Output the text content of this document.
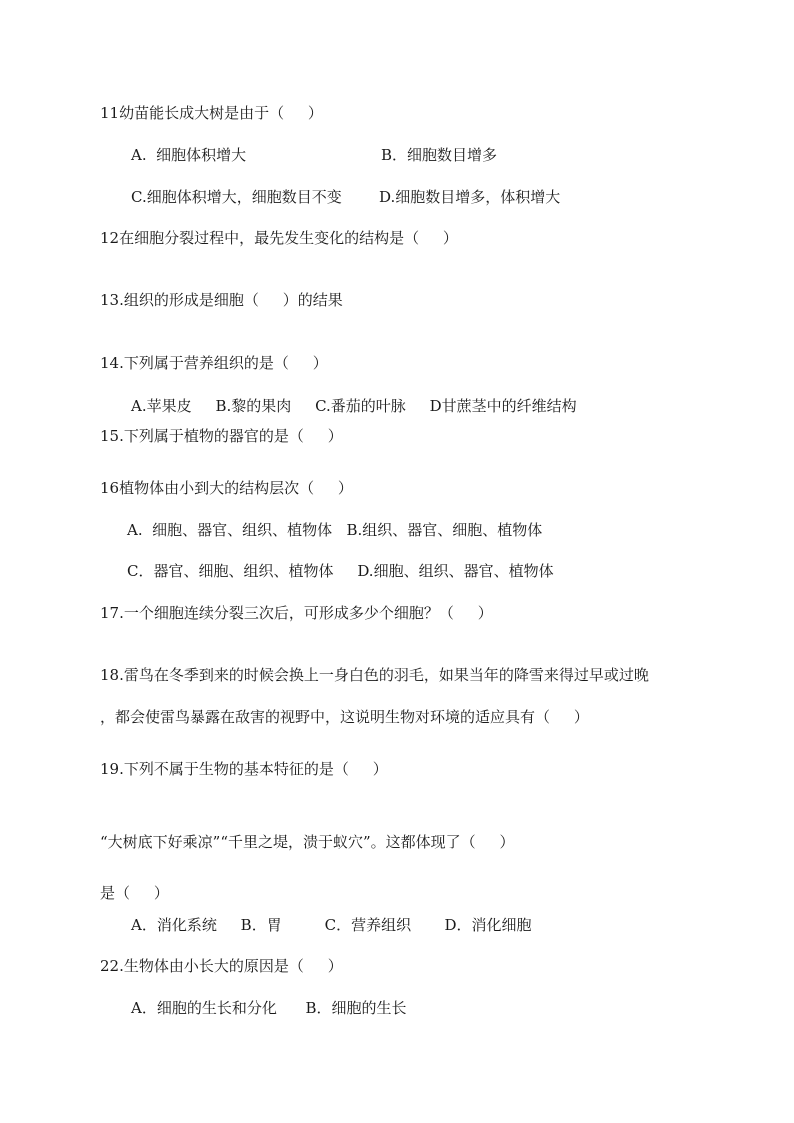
11幼苗能长成大树是由于（     ）
A.  细胞体积增大	B．细胞数目增多
C.细胞体积增大，细胞数目不变 D.细胞数目增多，体积增大
12在细胞分裂过程中，最先发生变化的结构是（     ）
13.组织的形成是细胞（     ）的结果
14.下列属于营养组织的是（     ）
A.苹果皮     B.黎的果肉     C.番茄的叶脉     D甘蔗茎中的纤维结构
15.下列属于植物的器官的是（     ）
16植物体由小到大的结构层次（     ）
A.  细胞、器官、组织、植物体   B.组织、器官、细胞、植物体
C．器官、细胞、组织、植物体     D.细胞、组织、器官、植物体
17.一个细胞连续分裂三次后，可形成多少个细胞？（     ）
18.雷鸟在冬季到来的时候会换上一身白色的羽毛，如果当年的降雪来得过早或过晚
，都会使雷鸟暴露在敌害的视野中，这说明生物对环境的适应具有（     ）
19.下列不属于生物的基本特征的是（     ）
“大树底下好乘凉”“千里之堤，溃于蚁穴”。这都体现了（     ）
是（     ）
A．消化系统     B．胃         C．营养组织       D．消化细胞
22.生物体由小长大的原因是（     ）
A．细胞的生长和分化      B．细胞的生长
